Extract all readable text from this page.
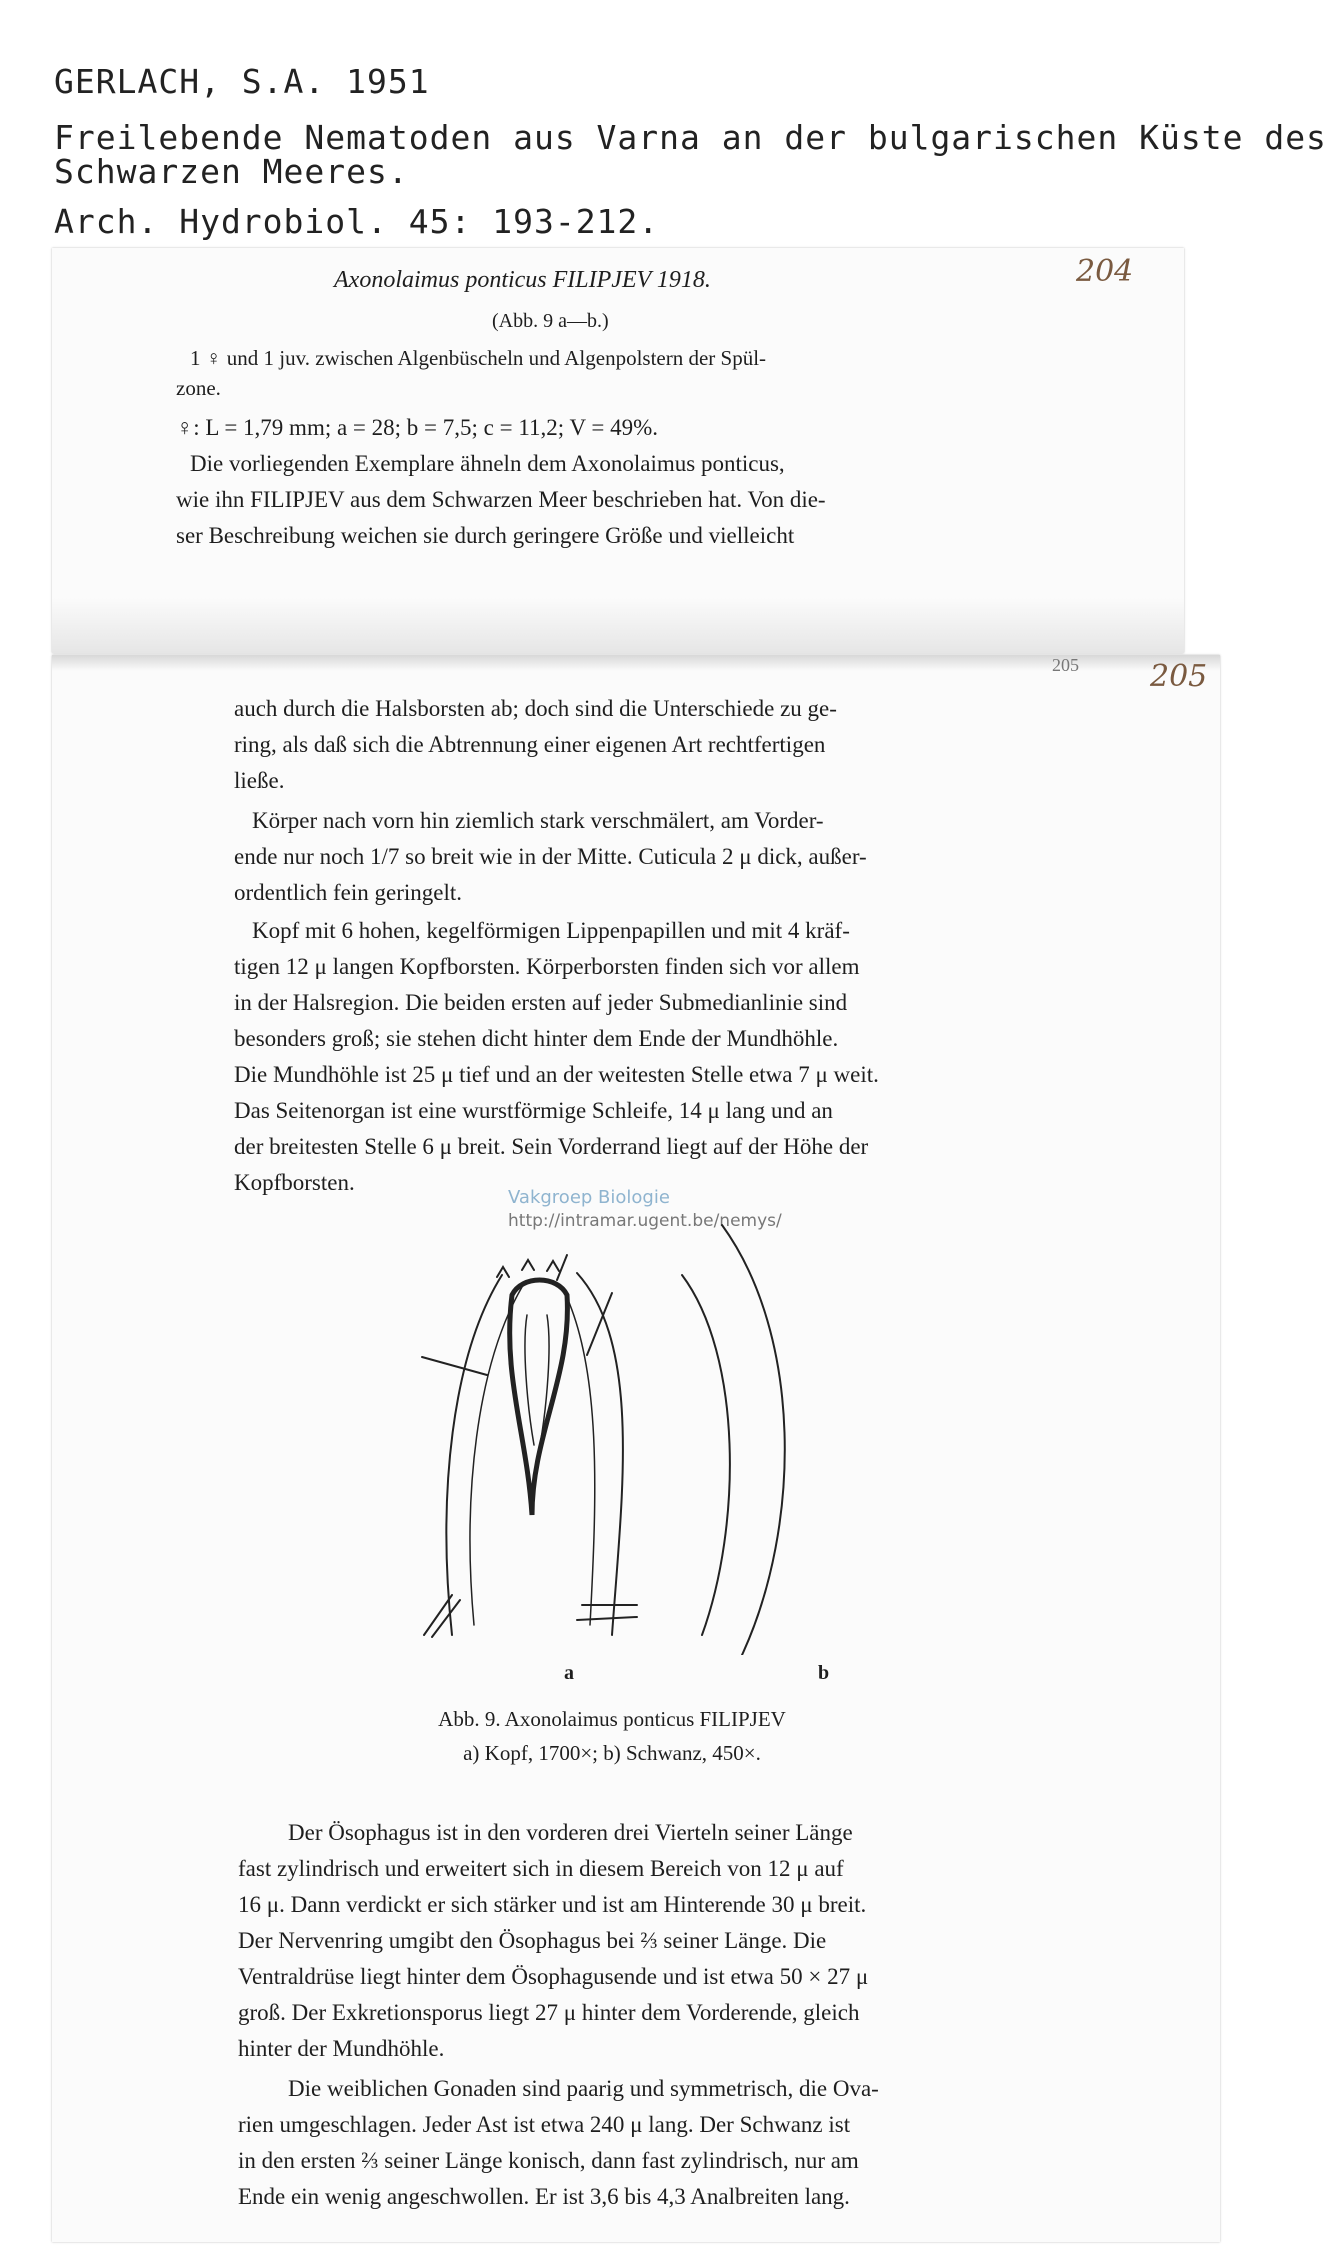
GERLACH, S.A. 1951
Freilebende Nematoden aus Varna an der bulgarischen Küste des
Schwarzen Meeres.
Arch. Hydrobiol. 45: 193-212.
204
Axonolaimus ponticus FILIPJEV 1918.
(Abb. 9 a—b.)
1 ♀ und 1 juv. zwischen Algenbüscheln und Algenpolstern der Spül-
zone.
♀: L = 1,79 mm; a = 28; b = 7,5; c = 11,2; V = 49%.
Die vorliegenden Exemplare ähneln dem Axonolaimus ponticus,
wie ihn FILIPJEV aus dem Schwarzen Meer beschrieben hat. Von die-
ser Beschreibung weichen sie durch geringere Größe und vielleicht
205 205
auch durch die Halsborsten ab; doch sind die Unterschiede zu ge-
ring, als daß sich die Abtrennung einer eigenen Art rechtfertigen
ließe.
Körper nach vorn hin ziemlich stark verschmälert, am Vorder-
ende nur noch 1/7 so breit wie in der Mitte. Cuticula 2 μ dick, außer-
ordentlich fein geringelt.
Kopf mit 6 hohen, kegelförmigen Lippenpapillen und mit 4 kräf-
tigen 12 μ langen Kopfborsten. Körperborsten finden sich vor allem
in der Halsregion. Die beiden ersten auf jeder Submedianlinie sind
besonders groß; sie stehen dicht hinter dem Ende der Mundhöhle.
Die Mundhöhle ist 25 μ tief und an der weitesten Stelle etwa 7 μ weit.
Das Seitenorgan ist eine wurstförmige Schleife, 14 μ lang und an
der breitesten Stelle 6 μ breit. Sein Vorderrand liegt auf der Höhe der
Kopfborsten.
Vakgroep Biologie
http://intramar.ugent.be/nemys/
a	b
Abb. 9. Axonolaimus ponticus FILIPJEV
a) Kopf, 1700×; b) Schwanz, 450×.
Der Ösophagus ist in den vorderen drei Vierteln seiner Länge
fast zylindrisch und erweitert sich in diesem Bereich von 12 μ auf
16 μ. Dann verdickt er sich stärker und ist am Hinterende 30 μ breit.
Der Nervenring umgibt den Ösophagus bei ⅔ seiner Länge. Die
Ventraldrüse liegt hinter dem Ösophagusende und ist etwa 50 × 27 μ
groß. Der Exkretionsporus liegt 27 μ hinter dem Vorderende, gleich
hinter der Mundhöhle.
Die weiblichen Gonaden sind paarig und symmetrisch, die Ova-
rien umgeschlagen. Jeder Ast ist etwa 240 μ lang. Der Schwanz ist
in den ersten ⅔ seiner Länge konisch, dann fast zylindrisch, nur am
Ende ein wenig angeschwollen. Er ist 3,6 bis 4,3 Analbreiten lang.
